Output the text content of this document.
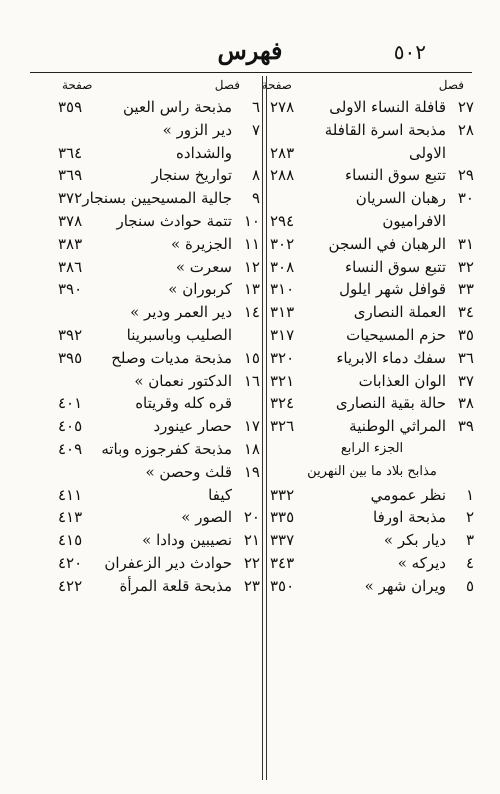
فهرس	٥٠٢
فصل
صفحة
فصل
صفحة
٢٧
قافلة النساء الاولى
٢٧٨
٢٨
مذبحة اسرة القافلة
الاولى
٢٨٣
٢٩
تتبع سوق النساء
٢٨٨
٣٠
رهبان السريان
الافراميون
٢٩٤
٣١
الرهبان في السجن
٣٠٢
٣٢
تتبع سوق النساء
٣٠٨
٣٣
قوافل شهر ايلول
٣١٠
٣٤
العملة النصارى
٣١٣
٣٥
حزم المسيحيات
٣١٧
٣٦
سفك دماء الابرياء
٣٢٠
٣٧
الوان العذابات
٣٢١
٣٨
حالة بقية النصارى
٣٢٤
٣٩
المراثي الوطنية
٣٢٦
الجزء الرابع
مذابح بلاد ما بين النهرين
١
نظر عمومي
٣٣٢
٢
مذبحة اورفا
٣٣٥
٣
« ديار بكر
٣٣٧
٤
« ديركه
٣٤٣
٥
« ويران شهر
٣٥٠
٦
مذبحة راس العين
٣٥٩
٧
« دير الزور
والشداده
٣٦٤
٨
تواريخ سنجار
٣٦٩
٩
جالية المسيحيين بسنجار
٣٧٢
١٠
تتمة حوادث سنجار
٣٧٨
١١
« الجزيرة
٣٨٣
١٢
« سعرت
٣٨٦
١٣
« كربوران
٣٩٠
١٤
« دير العمر ودير
الصليب وباسبرينا
٣٩٢
١٥
مذبحة مديات وصلح
٣٩٥
١٦
« الدكتور نعمان
قره كله وقريتاه
٤٠١
١٧
حصار عينورد
٤٠٥
١٨
مذبحة كفرجوزه وباته
٤٠٩
١٩
« قلث وحصن
كيفا
٤١١
٢٠
« الصور
٤١٣
٢١
« نصيبين ودادا
٤١٥
٢٢
حوادث دير الزعفران
٤٢٠
٢٣
مذبحة قلعة المرأة
٤٢٢
